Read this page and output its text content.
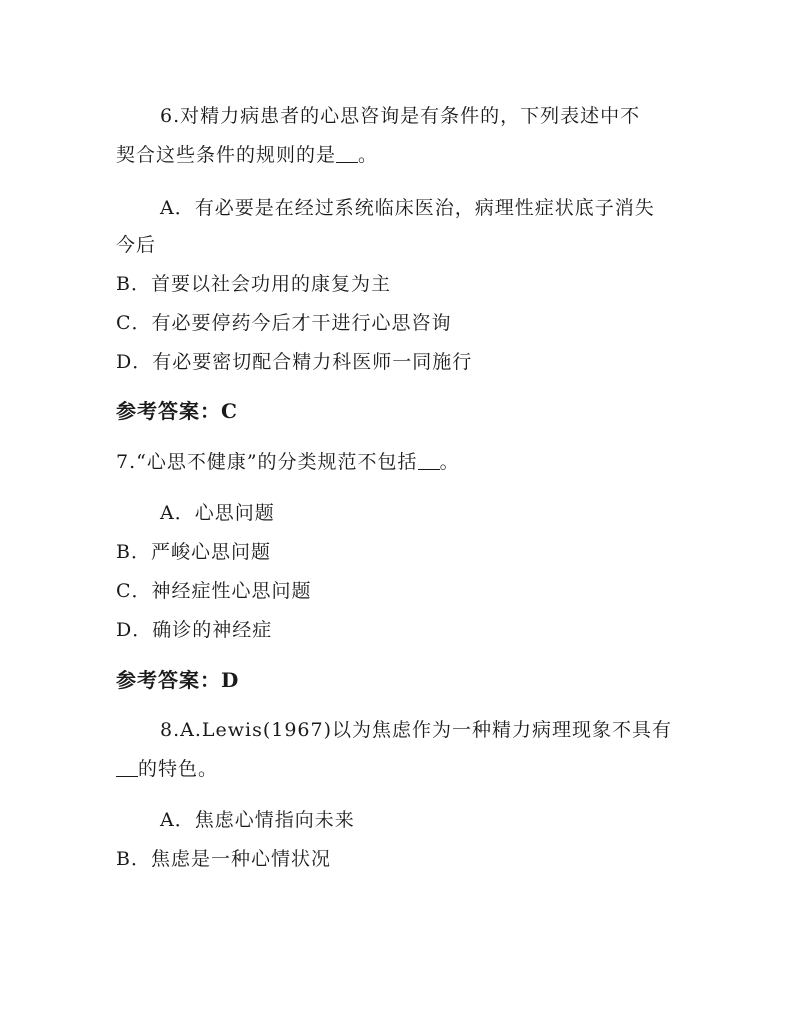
6.对精力病患者的心思咨询是有条件的，下列表述中不
契合这些条件的规则的是 。
A．有必要是在经过系统临床医治，病理性症状底子消失
今后
B．首要以社会功用的康复为主
C．有必要停药今后才干进行心思咨询
D．有必要密切配合精力科医师一同施行
参考答案：C
7.“心思不健康”的分类规范不包括 。
A．心思问题
B．严峻心思问题
C．神经症性心思问题
D．确诊的神经症
参考答案：D
8.A.Lewis(1967)以为焦虑作为一种精力病理现象不具有
的特色。
A．焦虑心情指向未来
B．焦虑是一种心情状况
